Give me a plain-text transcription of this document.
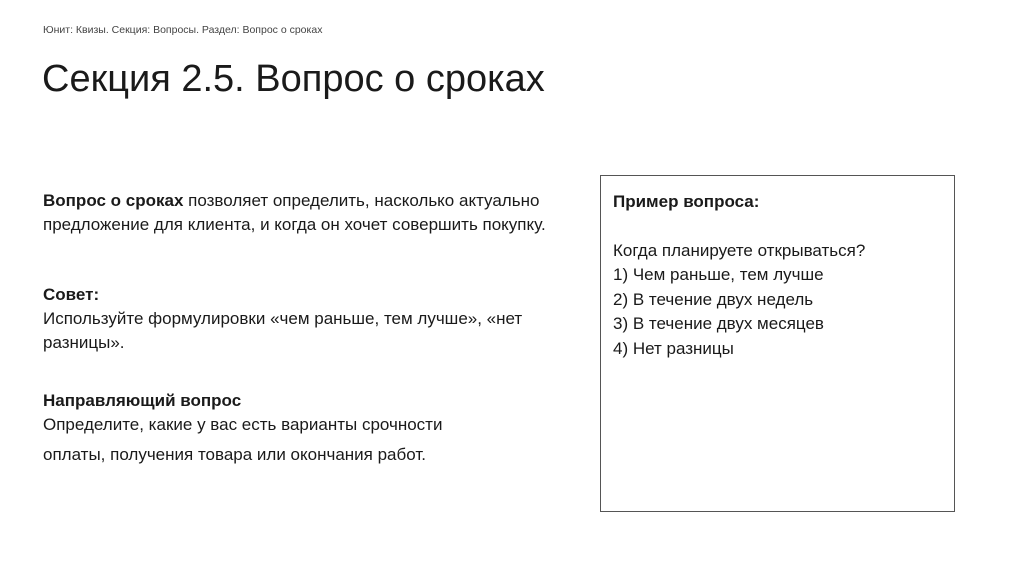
Юнит: Квизы. Секция: Вопросы. Раздел: Вопрос о сроках
Секция 2.5. Вопрос о сроках

Вопрос о сроках позволяет определить, насколько актуально предложение для клиента, и когда он хочет совершить покупку.

Совет:
Используйте формулировки «чем раньше, тем лучше», «нет разницы».
Направляющий вопрос
Определите, какие у вас есть варианты срочности
оплаты, получения товара или окончания работ.
Пример вопроса:
Когда планируете открываться?
1) Чем раньше, тем лучше
2) В течение двух недель
3) В течение двух месяцев
4) Нет разницы
